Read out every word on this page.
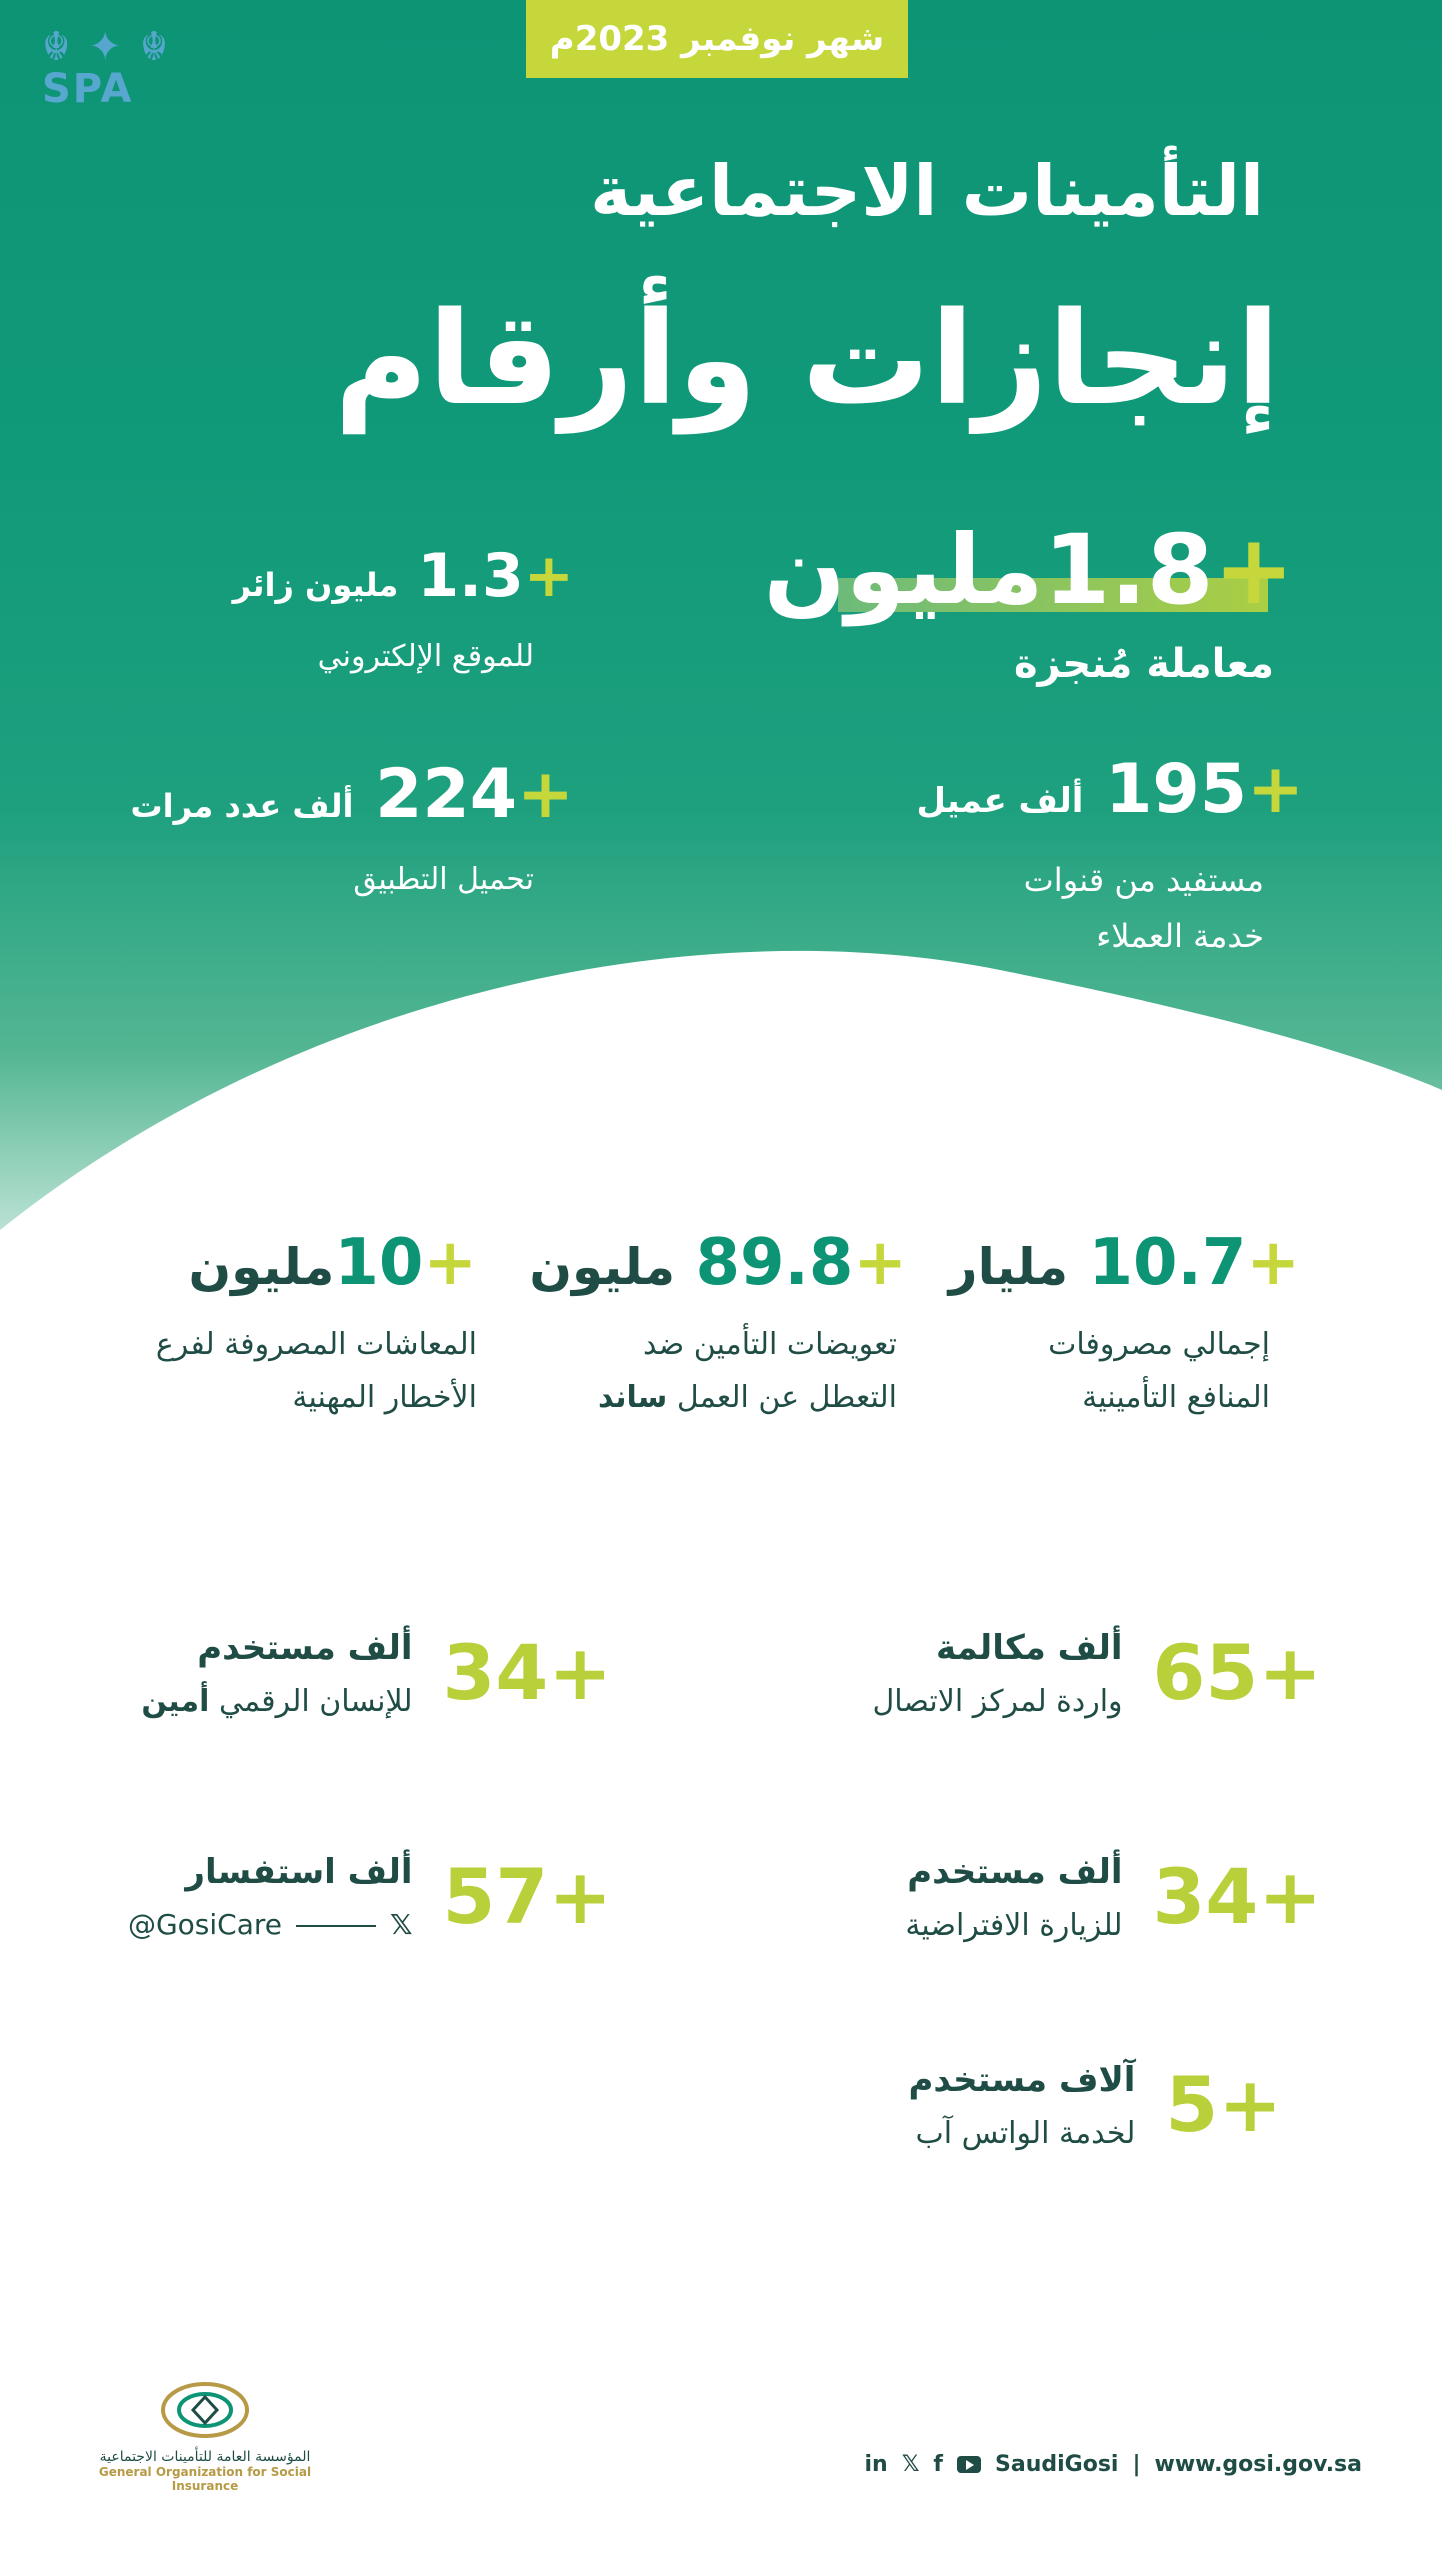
شهر نوفمبر 2023م
☬ ✦ ☬
SPA
التأمينات الاجتماعية
إنجازات وأرقام
+1.8مليون
معاملة مُنجزة
+1.3 مليون زائر
للموقع الإلكتروني
+195 ألف عميل
مستفيد من قنوات
خدمة العملاء
+224 ألف عدد مرات
تحميل التطبيق
+10.7 مليار
إجمالي مصروفات
المنافع التأمينية
+89.8 مليون
تعويضات التأمين ضد
التعطل عن العمل ساند
+10مليون
المعاشات المصروفة لفرع
الأخطار المهنية
+65
ألف مكالمة
واردة لمركز الاتصال
+34
ألف مستخدم
للإنسان الرقمي أمين
+34
ألف مستخدم
للزيارة الافتراضية
+57
ألف استفسار
@GosiCare	𝕏
+5
آلاف مستخدم
لخدمة الواتس آب
المؤسسة العامة للتأمينات الاجتماعية
General Organization for Social Insurance
in 𝕏 f SaudiGosi | www.gosi.gov.sa
